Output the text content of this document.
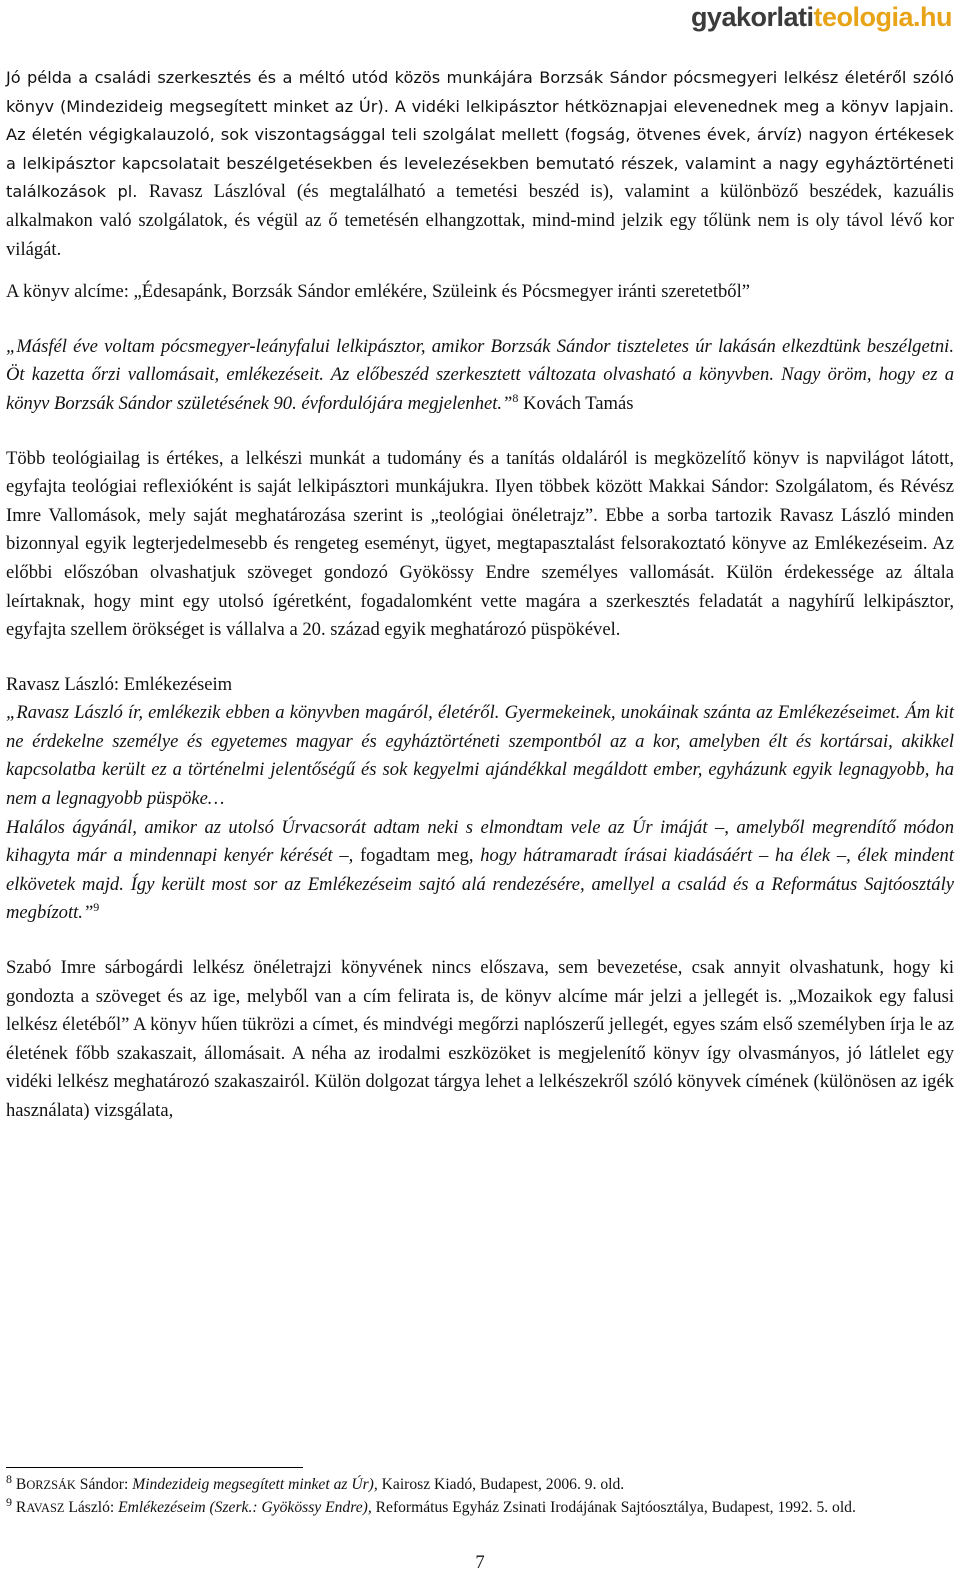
gyakorlatiteologia.hu

Jó példa a családi szerkesztés és a méltó utód közös munkájára Borzsák Sándor pócsmegyeri lelkész életéről szóló könyv (Mindezideig megsegített minket az Úr). A vidéki lelkipásztor hétköznapjai elevenednek meg a könyv lapjain. Az életén végigkalauzoló, sok viszontagsággal teli szolgálat mellett (fogság, ötvenes évek, árvíz) nagyon értékesek a lelkipásztor kapcsolatait beszélgetésekben és levelezésekben bemutató részek, valamint a nagy egyháztörténeti találkozások pl. Ravasz Lászlóval (és megtalálható a temetési beszéd is), valamint a különböző beszédek, kazuális alkalmakon való szolgálatok, és végül az ő temetésén elhangzottak, mind-mind jelzik egy tőlünk nem is oly távol lévő kor világát.

A könyv alcíme: „Édesapánk, Borzsák Sándor emlékére, Szüleink és Pócsmegyer iránti szeretetből”

„Másfél éve voltam pócsmegyer-leányfalui lelkipásztor, amikor Borzsák Sándor tiszteletes úr lakásán elkezdtünk beszélgetni. Öt kazetta őrzi vallomásait, emlékezéseit. Az előbeszéd szerkesztett változata olvasható a könyvben. Nagy öröm, hogy ez a könyv Borzsák Sándor születésének 90. évfordulójára megjelenhet.”$^8$ Kovách Tamás

Több teológiailag is értékes, a lelkészi munkát a tudomány és a tanítás oldaláról is megközelítő könyv is napvilágot látott, egyfajta teológiai reflexióként is saját lelkipásztori munkájukra. Ilyen többek között Makkai Sándor: Szolgálatom, és Révész Imre Vallomások, mely saját meghatározása szerint is „teológiai önéletrajz”. Ebbe a sorba tartozik Ravasz László minden bizonnyal egyik legterjedelmesebb és rengeteg eseményt, ügyet, megtapasztalást felsorakoztató könyve az Emlékezéseim. Az előbbi előszóban olvashatjuk szöveget gondozó Gyökössy Endre személyes vallomását. Külön érdekessége az általa leírtaknak, hogy mint egy utolsó ígéretként, fogadalomként vette magára a szerkesztés feladatát a nagyhírű lelkipásztor, egyfajta szellem örökséget is vállalva a 20. század egyik meghatározó püspökével.

Ravasz László: Emlékezéseim

„Ravasz László ír, emlékezik ebben a könyvben magáról, életéről. Gyermekeinek, unokáinak szánta az Emlékezéseimet. Ám kit ne érdekelne személye és egyetemes magyar és egyháztörténeti szempontból az a kor, amelyben élt és kortársai, akikkel kapcsolatba került ez a történelmi jelentőségű és sok kegyelmi ajándékkal megáldott ember, egyházunk egyik legnagyobb, ha nem a legnagyobb püspöke…

Halálos ágyánál, amikor az utolsó Úrvacsorát adtam neki s elmondtam vele az Úr imáját –, amelyből megrendítő módon kihagyta már a mindennapi kenyér kérését –, fogadtam meg, hogy hátramaradt írásai kiadásáért – ha élek –, élek mindent elkövetek majd. Így került most sor az Emlékezéseim sajtó alá rendezésére, amellyel a család és a Református Sajtóosztály megbízott.”$^9$

Szabó Imre sárbogárdi lelkész önéletrajzi könyvének nincs előszava, sem bevezetése, csak annyit olvashatunk, hogy ki gondozta a szöveget és az ige, melyből van a cím felirata is, de könyv alcíme már jelzi a jellegét is. „Mozaikok egy falusi lelkész életéből” A könyv hűen tükrözi a címet, és mindvégi megőrzi naplószerű jellegét, egyes szám első személyben írja le az életének főbb szakaszait, állomásait. A néha az irodalmi eszközöket is megjelenítő könyv így olvasmányos, jó látlelet egy vidéki lelkész meghatározó szakaszairól. Külön dolgozat tárgya lehet a lelkészekről szóló könyvek címének (különösen az igék használata) vizsgálata,

$^8$ BORZSÁK Sándor: Mindezideig megsegített minket az Úr), Kairosz Kiadó, Budapest, 2006. 9. old.
$^9$ RAVASZ László: Emlékezéseim (Szerk.: Gyökössy Endre), Református Egyház Zsinati Irodájának Sajtóosztálya, Budapest, 1992. 5. old.
7
